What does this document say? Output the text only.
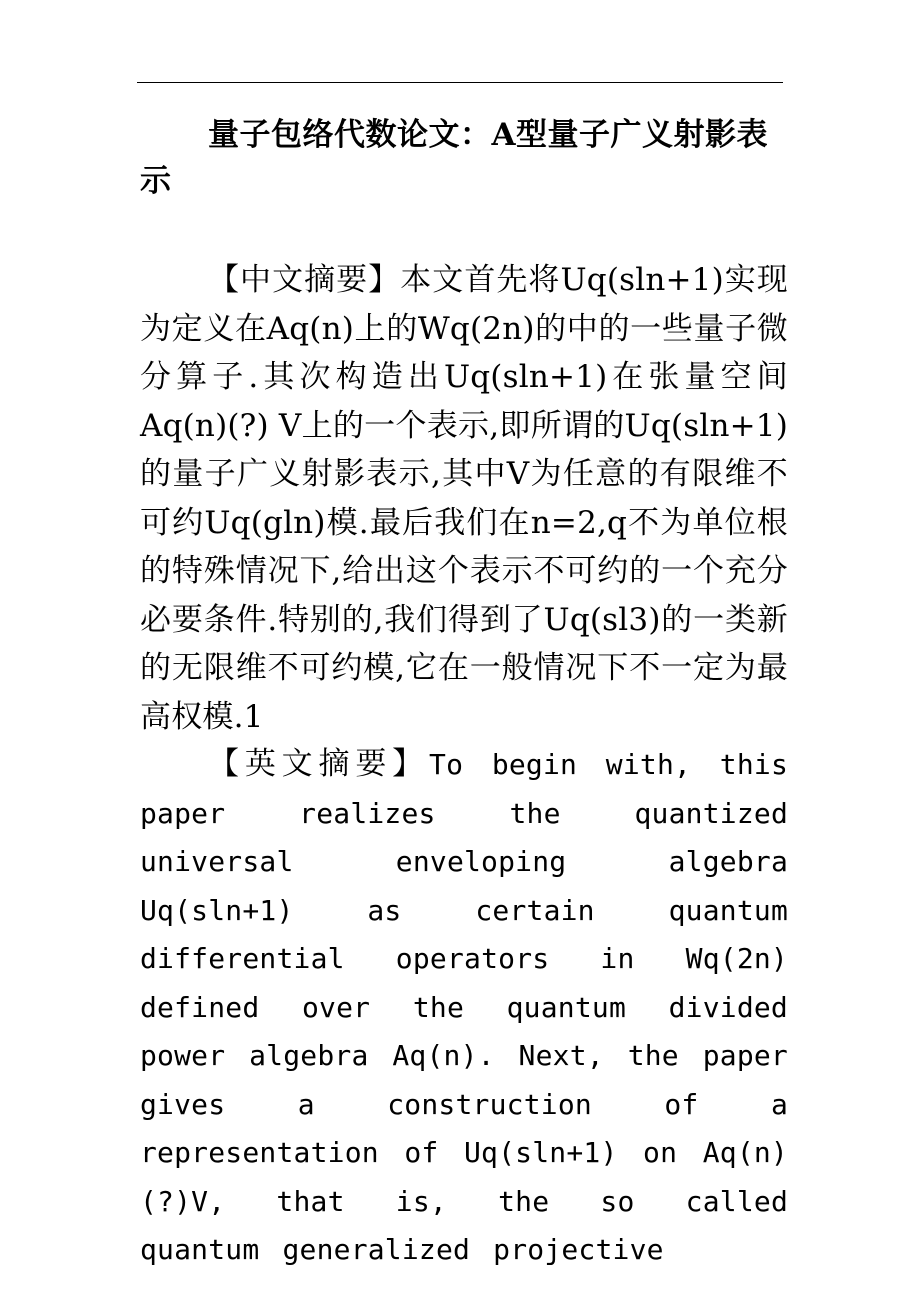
量子包络代数论文：A型量子广义射影表示

【中文摘要】本文首先将Uq(sln+1)实现为定义在Aq(n)上的Wq(2n)的中的一些量子微分算子.其次构造出Uq(sln+1)在张量空间Aq(n)(?) V上的一个表示,即所谓的Uq(sln+1)的量子广义射影表示,其中V为任意的有限维不可约Uq(gln)模.最后我们在n=2,q不为单位根的特殊情况下,给出这个表示不可约的一个充分必要条件.特别的,我们得到了Uq(sl3)的一类新的无限维不可约模,它在一般情况下不一定为最高权模.1

【英文摘要】To begin with, this paper realizes the quantized universal enveloping algebra Uq(sln+1) as certain quantum differential operators in Wq(2n) defined over the quantum divided power algebra Aq(n). Next, the paper gives a construction of a representation of Uq(sln+1) on Aq(n)(?)V, that is, the so called quantum generalized projective
